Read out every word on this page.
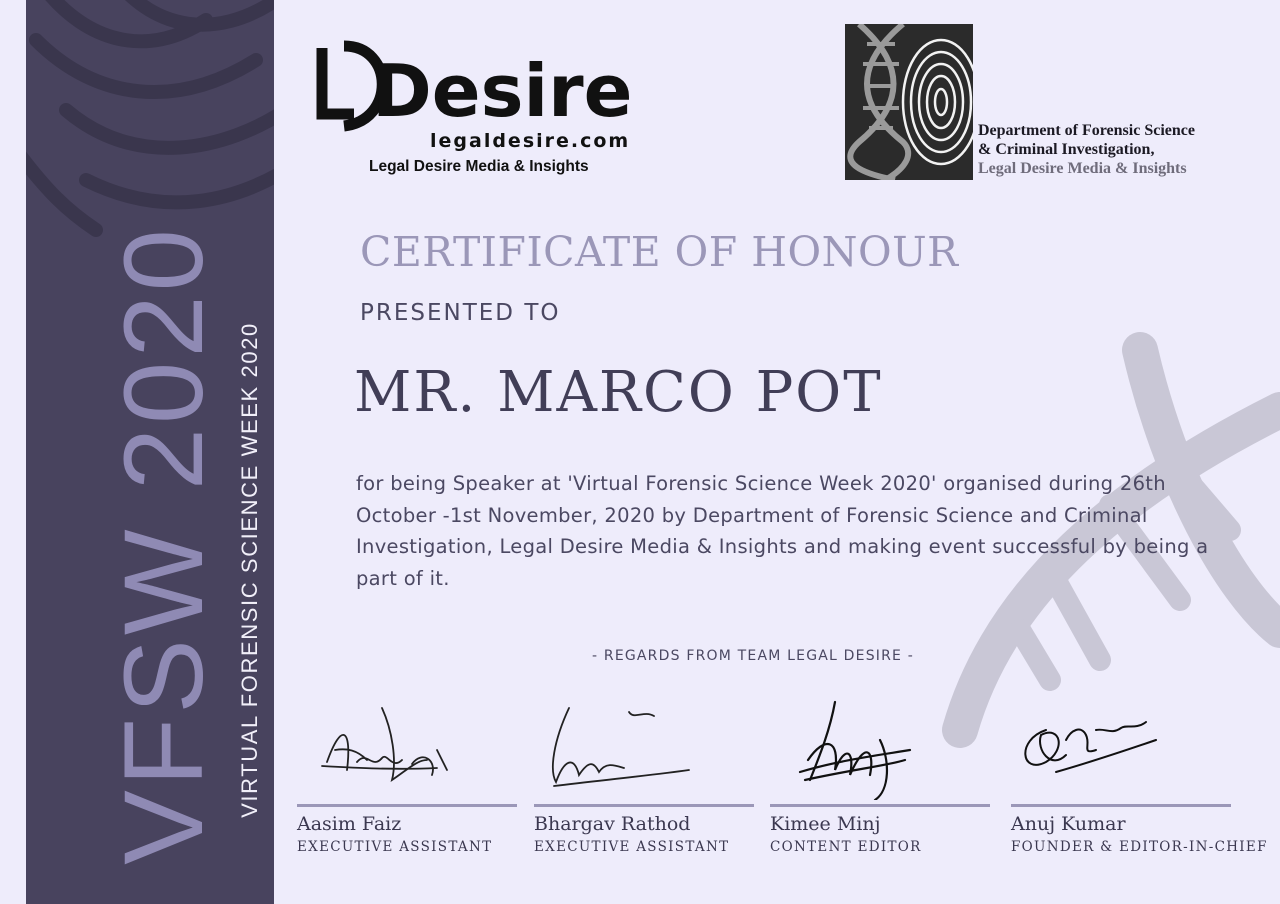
VFSW 2020 VIRTUAL FORENSIC SCIENCE WEEK 2020
Desire
legaldesire.com
Legal Desire Media & Insights
Department of Forensic Science
& Criminal Investigation,
Legal Desire Media & Insights
CERTIFICATE OF HONOUR
PRESENTED TO
MR. MARCO POT
for being Speaker at 'Virtual Forensic Science Week 2020' organised during 26th October -1st November, 2020 by Department of Forensic Science and Criminal Investigation, Legal Desire Media & Insights and making event successful by being a part of it.
- REGARDS FROM TEAM LEGAL DESIRE -
Aasim Faiz
EXECUTIVE ASSISTANT
Bhargav Rathod
EXECUTIVE ASSISTANT
Kimee Minj
CONTENT EDITOR
Anuj Kumar
FOUNDER & EDITOR-IN-CHIEF
